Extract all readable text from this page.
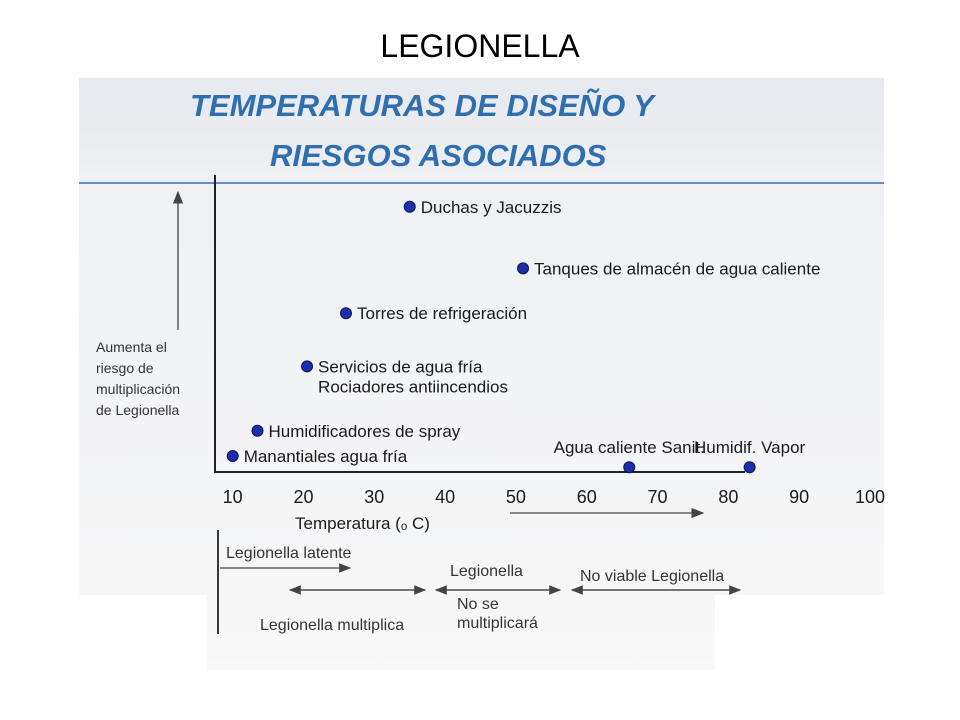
LEGIONELLA
TEMPERATURAS DE DISEÑO Y
RIESGOS ASOCIADOS
Aumenta el
riesgo de
multiplicación
de Legionella
10	20	30	40	50	60	70	80	90	100
Duchas y Jacuzzis
Tanques de almacén de agua caliente
Torres de refrigeración
Servicios de agua fría
Rociadores antiincendios
Humidificadores de spray
Manantiales agua fría	Agua caliente Sanit.
Humidif. Vapor
Temperatura (ₒ C)
Legionella latente
Legionella multiplica
Legionella
No se
multiplicará
No viable Legionella
